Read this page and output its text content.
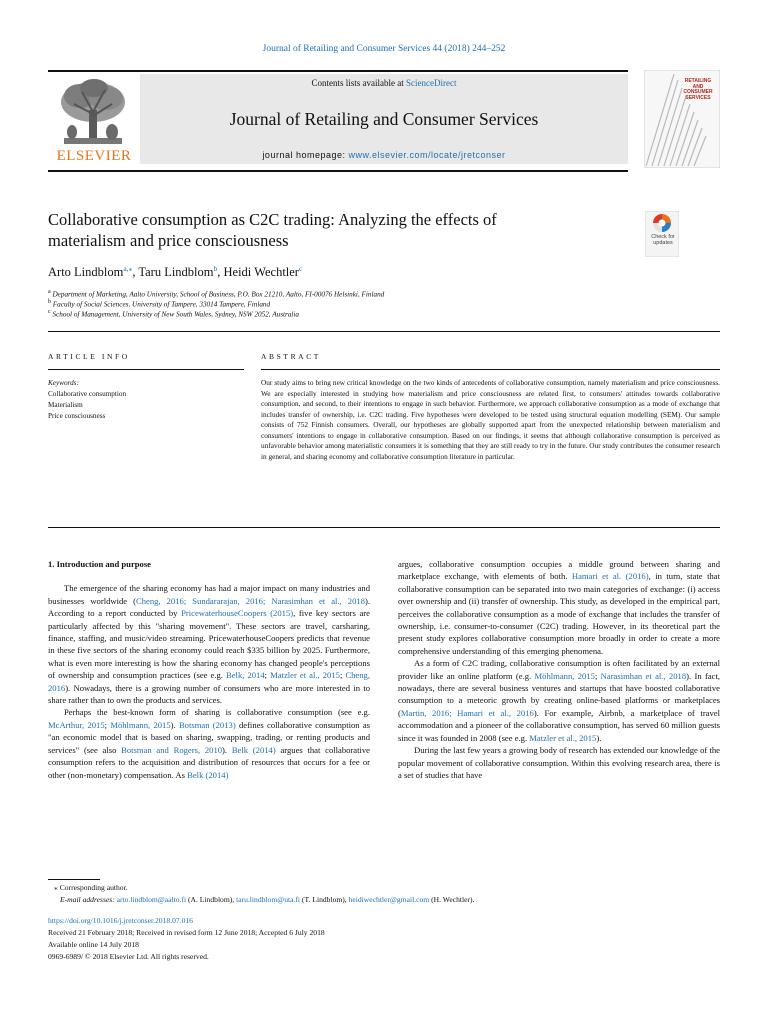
Journal of Retailing and Consumer Services 44 (2018) 244–252
ELSEVIER
Contents lists available at ScienceDirect
Journal of Retailing and Consumer Services
journal homepage: www.elsevier.com/locate/jretconser
RETAILING
AND
CONSUMER
SERVICES
Collaborative consumption as C2C trading: Analyzing the effects of
materialism and price consciousness	Check for
updates
Arto Lindblom$^{a,⁎}$, Taru Lindblom$^b$, Heidi Wechtler$^c$
$^a$ Department of Marketing, Aalto University, School of Business, P.O. Box 21210, Aalto, FI-00076 Helsinki, Finland
$^b$ Faculty of Social Sciences, University of Tampere, 33014 Tampere, Finland
$^c$ School of Management, University of New South Wales, Sydney, NSW 2052, Australia
ARTICLE INFO
Keywords:
Collaborative consumption
Materialism
Price consciousness
ABSTRACT
Our study aims to bring new critical knowledge on the two kinds of antecedents of collaborative consumption, namely materialism and price consciousness. We are especially interested in studying how materialism and price consciousness are related first, to consumers' attitudes towards collaborative consumption, and second, to their intentions to engage in such behavior. Furthermore, we approach collaborative consumption as a mode of exchange that includes transfer of ownership, i.e. C2C trading. Five hypotheses were developed to be tested using structural equation modelling (SEM). Our sample consists of 752 Finnish consumers. Overall, our hypotheses are globally supported apart from the unexpected relationship between materialism and consumers' intentions to engage in collaborative consumption. Based on our findings, it seems that although collaborative consumption is perceived as unfavorable behavior among materialistic consumers it is something that they are still ready to try in the future. Our study contributes the consumer research in general, and sharing economy and collaborative consumption literature in particular.

1. Introduction and purpose

The emergence of the sharing economy has had a major impact on many industries and businesses worldwide (Cheng, 2016; Sundararajan, 2016; Narasimhan et al., 2018). According to a report conducted by PricewaterhouseCoopers (2015), five key sectors are particularly affected by this "sharing movement". These sectors are travel, carsharing, finance, staffing, and music/video streaming. PricewaterhouseCoopers predicts that revenue in these five sectors of the sharing economy could reach $335 billion by 2025. Furthermore, what is even more interesting is how the sharing economy has changed people's perceptions of ownership and consumption practices (see e.g. Belk, 2014; Matzler et al., 2015; Cheng, 2016). Nowadays, there is a growing number of consumers who are more interested in to share rather than to own the products and services.

Perhaps the best-known form of sharing is collaborative consumption (see e.g. McArthur, 2015; Möhlmann, 2015). Botsman (2013) defines collaborative consumption as "an economic model that is based on sharing, swapping, trading, or renting products and services" (see also Botsman and Rogers, 2010). Belk (2014) argues that collaborative consumption refers to the acquisition and distribution of resources that occurs for a fee or other (non-monetary) compensation. As Belk (2014)

argues, collaborative consumption occupies a middle ground between sharing and marketplace exchange, with elements of both. Hamari et al. (2016), in turn, state that collaborative consumption can be separated into two main categories of exchange: (i) access over ownership and (ii) transfer of ownership. This study, as developed in the empirical part, perceives the collaborative consumption as a mode of exchange that includes the transfer of ownership, i.e. consumer-to-consumer (C2C) trading. However, in its theoretical part the present study explores collaborative consumption more broadly in order to create a more comprehensive understanding of this emerging phenomena.

As a form of C2C trading, collaborative consumption is often facilitated by an external provider like an online platform (e.g. Möhlmann, 2015; Narasimhan et al., 2018). In fact, nowadays, there are several business ventures and startups that have boosted collaborative consumption to a meteoric growth by creating online-based platforms or marketplaces (Martin, 2016; Hamari et al., 2016). For example, Airbnb, a marketplace of travel accommodation and a pioneer of the collaborative consumption, has served 60 million guests since it was founded in 2008 (see e.g. Matzler et al., 2015).

During the last few years a growing body of research has extended our knowledge of the popular movement of collaborative consumption. Within this evolving research area, there is a set of studies that have

⁎ Corresponding author.
E-mail addresses: arto.lindblom@aalto.fi (A. Lindblom), taru.lindblom@uta.fi (T. Lindblom), heidiwechtler@gmail.com (H. Wechtler).
https://doi.org/10.1016/j.jretconser.2018.07.016
Received 21 February 2018; Received in revised form 12 June 2018; Accepted 6 July 2018
Available online 14 July 2018
0969-6989/ © 2018 Elsevier Ltd. All rights reserved.
